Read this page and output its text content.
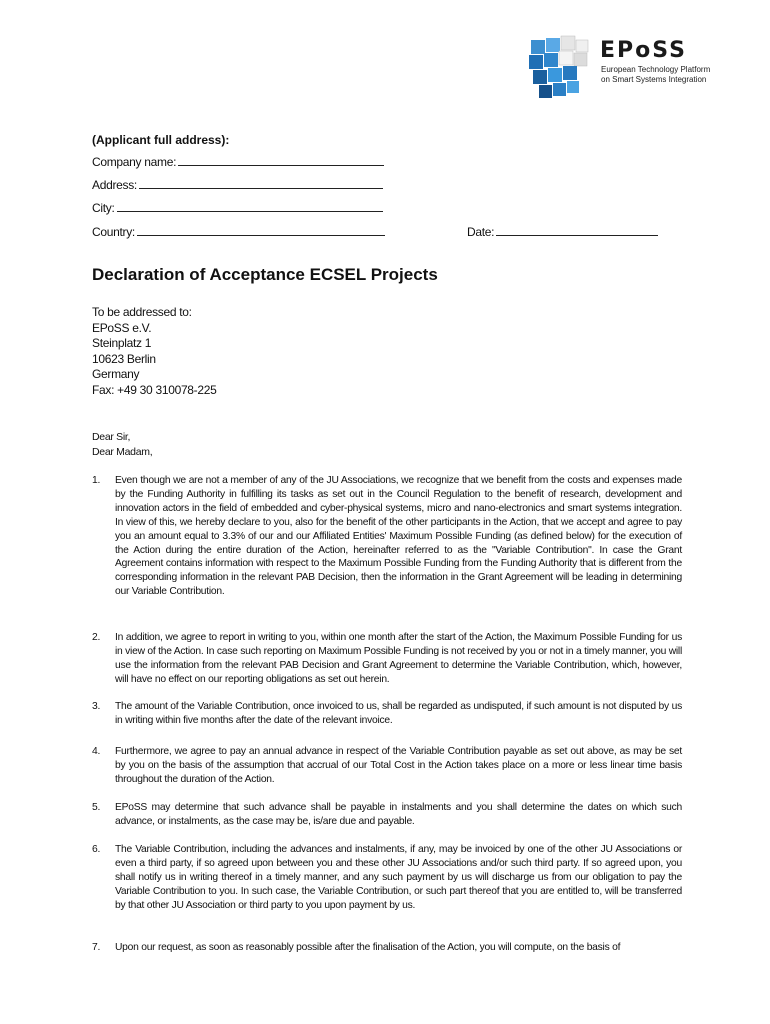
EPoSS
European Technology Platform
on Smart Systems Integration
(Applicant full address):
Company name:
Address:
City:
Country:	Date:
Declaration of Acceptance ECSEL Projects
To be addressed to:
EPoSS e.V.
Steinplatz 1
10623 Berlin
Germany
Fax: +49 30 310078-225
Dear Sir,
Dear Madam,
1. Even though we are not a member of any of the JU Associations, we recognize that we benefit from the costs and expenses made by the Funding Authority in fulfilling its tasks as set out in the Council Regulation to the benefit of research, development and innovation actors in the field of embedded and cyber-physical systems, micro and nano-electronics and smart systems integration. In view of this, we hereby declare to you, also for the benefit of the other participants in the Action, that we accept and agree to pay you an amount equal to 3.3% of our and our Affiliated Entities' Maximum Possible Funding (as defined below) for the execution of the Action during the entire duration of the Action, hereinafter referred to as the "Variable Contribution". In case the Grant Agreement contains information with respect to the Maximum Possible Funding from the Funding Authority that is different from the corresponding information in the relevant PAB Decision, then the information in the Grant Agreement will be leading in determining our Variable Contribution.
2. In addition, we agree to report in writing to you, within one month after the start of the Action, the Maximum Possible Funding for us in view of the Action. In case such reporting on Maximum Possible Funding is not received by you or not in a timely manner, you will use the information from the relevant PAB Decision and Grant Agreement to determine the Variable Contribution, which, however, will have no effect on our reporting obligations as set out herein.
3. The amount of the Variable Contribution, once invoiced to us, shall be regarded as undisputed, if such amount is not disputed by us in writing within five months after the date of the relevant invoice.
4. Furthermore, we agree to pay an annual advance in respect of the Variable Contribution payable as set out above, as may be set by you on the basis of the assumption that accrual of our Total Cost in the Action takes place on a more or less linear time basis throughout the duration of the Action.
5. EPoSS may determine that such advance shall be payable in instalments and you shall determine the dates on which such advance, or instalments, as the case may be, is/are due and payable.
6. The Variable Contribution, including the advances and instalments, if any, may be invoiced by one of the other JU Associations or even a third party, if so agreed upon between you and these other JU Associations and/or such third party. If so agreed upon, you shall notify us in writing thereof in a timely manner, and any such payment by us will discharge us from our obligation to pay the Variable Contribution to you. In such case, the Variable Contribution, or such part thereof that you are entitled to, will be transferred by that other JU Association or third party to you upon payment by us.
7. Upon our request, as soon as reasonably possible after the finalisation of the Action, you will compute, on the basis of
